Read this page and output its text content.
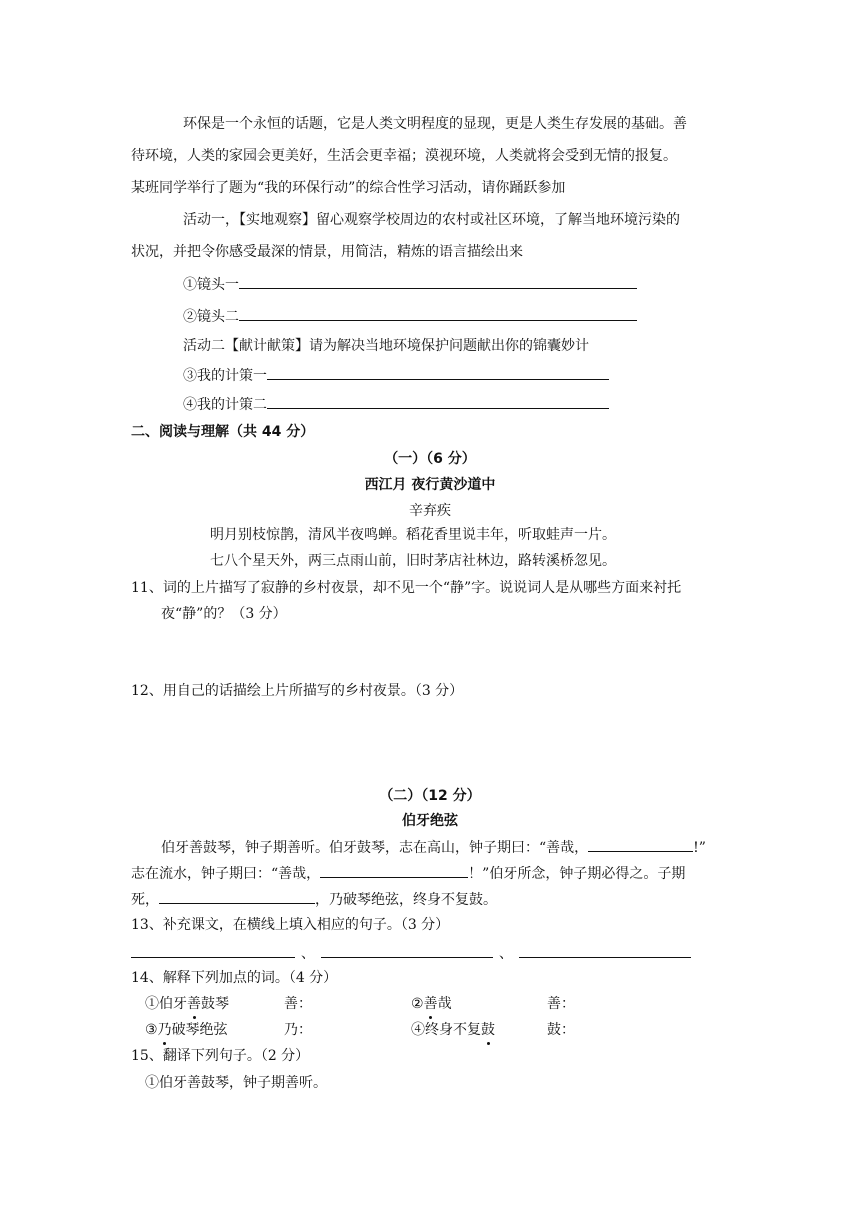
环保是一个永恒的话题，它是人类文明程度的显现，更是人类生存发展的基础。善
待环境，人类的家园会更美好，生活会更幸福；漠视环境，人类就将会受到无情的报复。
某班同学举行了题为“我的环保行动”的综合性学习活动，请你踊跃参加
活动一，【实地观察】留心观察学校周边的农村或社区环境，了解当地环境污染的
状况，并把令你感受最深的情景，用简洁，精炼的语言描绘出来
①镜头一
②镜头二
活动二【献计献策】请为解决当地环境保护问题献出你的锦囊妙计
③我的计策一
④我的计策二
二、阅读与理解（共 44 分）
（一）（6 分）
西江月 夜行黄沙道中
辛弃疾
明月别枝惊鹊，清风半夜鸣蝉。稻花香里说丰年，听取蛙声一片。
七八个星天外，两三点雨山前，旧时茅店社林边，路转溪桥忽见。
11、词的上片描写了寂静的乡村夜景，却不见一个“静”字。说说词人是从哪些方面来衬托
夜“静”的？（3 分）
12、用自己的话描绘上片所描写的乡村夜景。（3 分）
（二）（12 分）
伯牙绝弦
伯牙善鼓琴，钟子期善听。伯牙鼓琴，志在高山，钟子期曰：“善哉，	!”
志在流水，钟子期曰：“善哉，	！”伯牙所念，钟子期必得之。子期
死，	，乃破琴绝弦，终身不复鼓。
13、补充课文，在横线上填入相应的句子。（3 分）
、	、
14、解释下列加点的词。（4 分）
①伯牙善鼓琴	善：	②善哉	善：
③乃破琴绝弦	乃：	④终身不复鼓	鼓：
15、翻译下列句子。（2 分）
①伯牙善鼓琴，钟子期善听。
